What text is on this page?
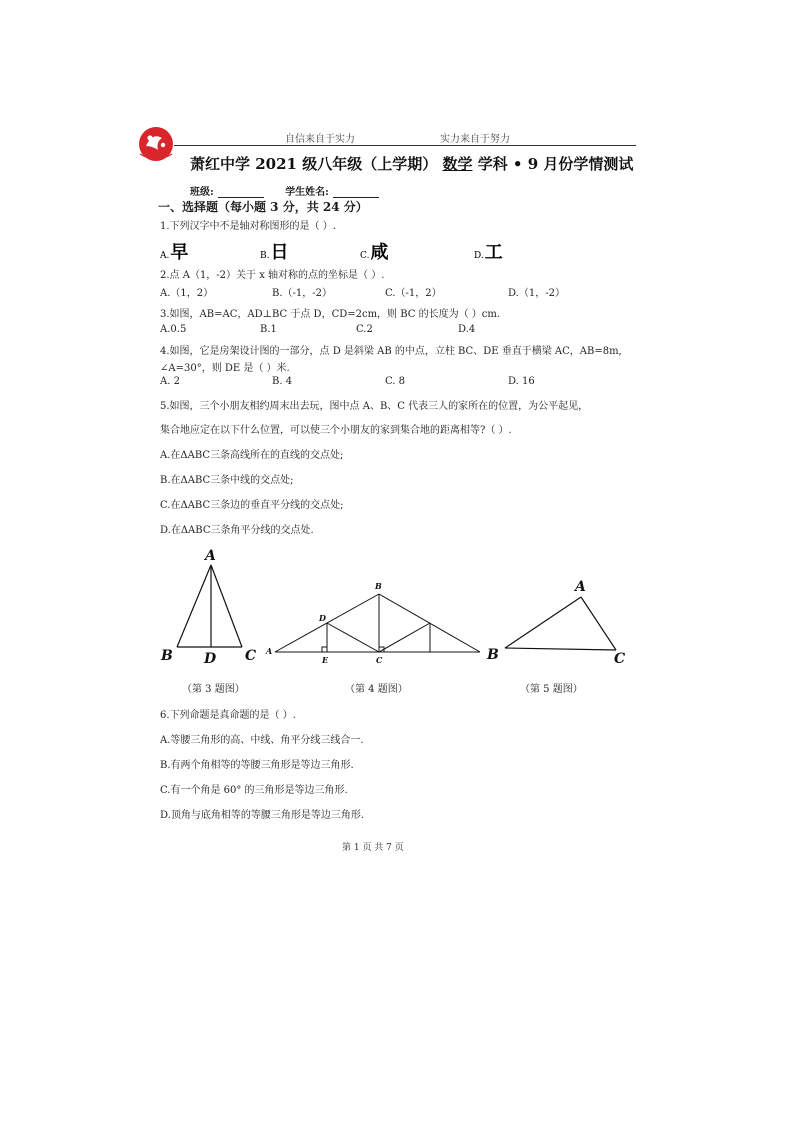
自信来自于实力	实力来自于努力
萧红中学 2021 级八年级（上学期） 数学 学科 • 9 月份学情测试
班级:	学生姓名:
一、选择题（每小题 3 分，共 24 分）
1.下列汉字中不是轴对称图形的是（ ）.
A.早	B.日	C.咸	D.工
2.点 A（1，-2）关于 x 轴对称的点的坐标是（ ）.
A.（1，2）	B.（-1，-2）	C.（-1，2）	D.（1，-2）
3.如图，AB=AC，AD⊥BC 于点 D，CD=2cm，则 BC 的长度为（ ）cm.
A.0.5	B.1	C.2	D.4
4.如图，它是房架设计图的一部分，点 D 是斜梁 AB 的中点，立柱 BC、DE 垂直于横梁 AC，AB=8m,
∠A=30°，则 DE 是（ ）米.
A. 2	B. 4	C. 8	D. 16
5.如图，三个小朋友相约周末出去玩，图中点 A、B、C 代表三人的家所在的位置，为公平起见，
集合地应定在以下什么位置，可以使三个小朋友的家到集合地的距离相等?（ ）.
A.在ΔABC三条高线所在的直线的交点处;
B.在ΔABC三条中线的交点处;
C.在ΔABC三条边的垂直平分线的交点处;
D.在ΔABC三条角平分线的交点处.
A
B D C A
B
C
D
E
A
B	C
（第 3 题图）	（第 4 题图）	（第 5 题图）
6.下列命题是真命题的是（ ）.
A.等腰三角形的高、中线、角平分线三线合一.
B.有两个角相等的等腰三角形是等边三角形.
C.有一个角是 60° 的三角形是等边三角形.
D.顶角与底角相等的等腰三角形是等边三角形.
第 1 页 共 7 页
